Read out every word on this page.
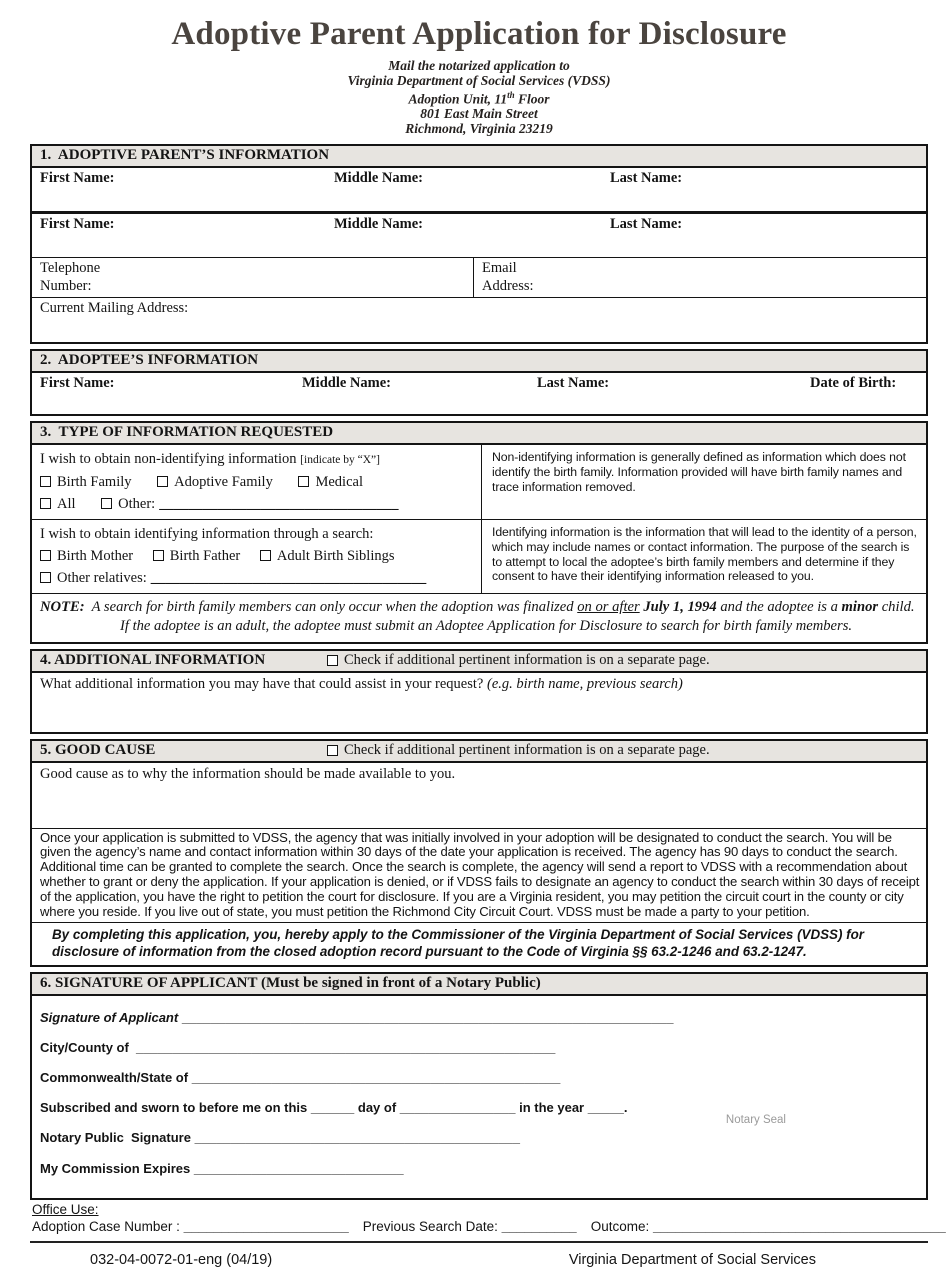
Adoptive Parent Application for Disclosure
Mail the notarized application to
Virginia Department of Social Services (VDSS)
Adoption Unit, 11th Floor
801 East Main Street
Richmond, Virginia 23219
1.  ADOPTIVE PARENT’S INFORMATION
First Name:	Middle Name:	Last Name:
First Name:	Middle Name:	Last Name:
Telephone
Number:
Email
Address:
Current Mailing Address:
2.  ADOPTEE’S INFORMATION
First Name:	Middle Name:	Last Name:	Date of Birth:
3.  TYPE OF INFORMATION REQUESTED
I wish to obtain non-identifying information [indicate by “X”]
Birth Family	Adoptive Family	Medical
All	Other: _________________________________
Non-identifying information is generally defined as information which does not identify the birth family. Information provided will have birth family names and trace information removed.
I wish to obtain identifying information through a search:
Birth Mother	Birth Father	Adult Birth Siblings
Other relatives: ______________________________________
Identifying information is the information that will lead to the identity of a person, which may include names or contact information. The purpose of the search is to attempt to local the adoptee’s birth family members and determine if they consent to have their identifying information released to you.
NOTE:  A search for birth family members can only occur when the adoption was finalized on or after July 1, 1994 and the adoptee is a minor child. If the adoptee is an adult, the adoptee must submit an Adoptee Application for Disclosure to search for birth family members.
4. ADDITIONAL INFORMATION	Check if additional pertinent information is on a separate page.
What additional information you may have that could assist in your request? (e.g. birth name, previous search)
5. GOOD CAUSE	Check if additional pertinent information is on a separate page.
Good cause as to why the information should be made available to you.
Once your application is submitted to VDSS, the agency that was initially involved in your adoption will be designated to conduct the search. You will be given the agency’s name and contact information within 30 days of the date your application is received. The agency has 90 days to conduct the search. Additional time can be granted to complete the search. Once the search is complete, the agency will send a report to VDSS with a recommendation about whether to grant or deny the application. If your application is denied, or if VDSS fails to designate an agency to conduct the search within 30 days of receipt of the application, you have the right to petition the court for disclosure. If you are a Virginia resident, you may petition the circuit court in the county or city where you reside. If you live out of state, you must petition the Richmond City Circuit Court. VDSS must be made a party to your petition.
By completing this application, you, hereby apply to the Commissioner of the Virginia Department of Social Services (VDSS) for disclosure of information from the closed adoption record pursuant to the Code of Virginia §§ 63.2-1246 and 63.2-1247.
6. SIGNATURE OF APPLICANT (Must be signed in front of a Notary Public)
Signature of Applicant ____________________________________________________________________
City/County of  __________________________________________________________
Commonwealth/State of ___________________________________________________
Subscribed and sworn to before me on this ______ day of ________________ in the year _____.
Notary Public  Signature _____________________________________________
My Commission Expires _____________________________
Notary Seal
Office Use:
Adoption Case Number : ______________________ Previous Search Date: __________ Outcome: _______________________________________
032-04-0072-01-eng (04/19)	Virginia Department of Social Services
